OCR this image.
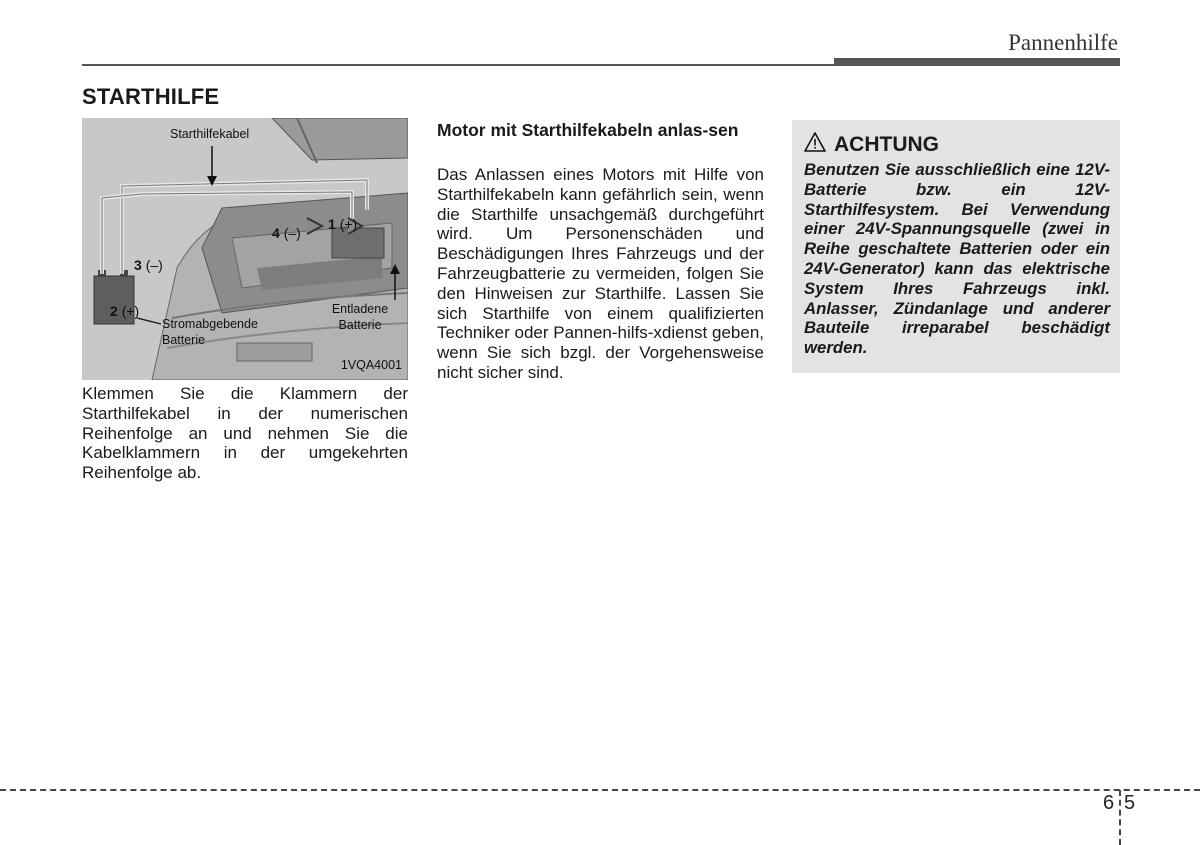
Pannenhilfe
STARTHILFE
Starthilfekabel
Stromabgebende Batterie
Entladene Batterie
4 (–)
1 (+)
3 (–)
2 (+)
1VQA4001
Klemmen Sie die Klammern der Starthilfekabel in der numerischen Reihenfolge an und nehmen Sie die Kabelklammern in der umgekehrten Reihenfolge ab.
Motor mit Starthilfekabeln anlas-sen
Das Anlassen eines Motors mit Hilfe von Starthilfekabeln kann gefährlich sein, wenn die Starthilfe unsachgemäß durchgeführt wird. Um Personenschäden und Beschädigungen Ihres Fahrzeugs und der Fahrzeugbatterie zu vermeiden, folgen Sie den Hinweisen zur Starthilfe. Lassen Sie sich Starthilfe von einem qualifizierten Techniker oder Pannen-hilfs-xdienst geben, wenn Sie sich bzgl. der Vorgehensweise nicht sicher sind.
ACHTUNG
Benutzen Sie ausschließlich eine 12V-Batterie bzw. ein 12V-Starthilfesystem. Bei Verwendung einer 24V-Spannungsquelle (zwei in Reihe geschaltete Batterien oder ein 24V-Generator) kann das elektrische System Ihres Fahrzeugs inkl. Anlasser, Zündanlage und anderer Bauteile irreparabel beschädigt werden.
6 5
